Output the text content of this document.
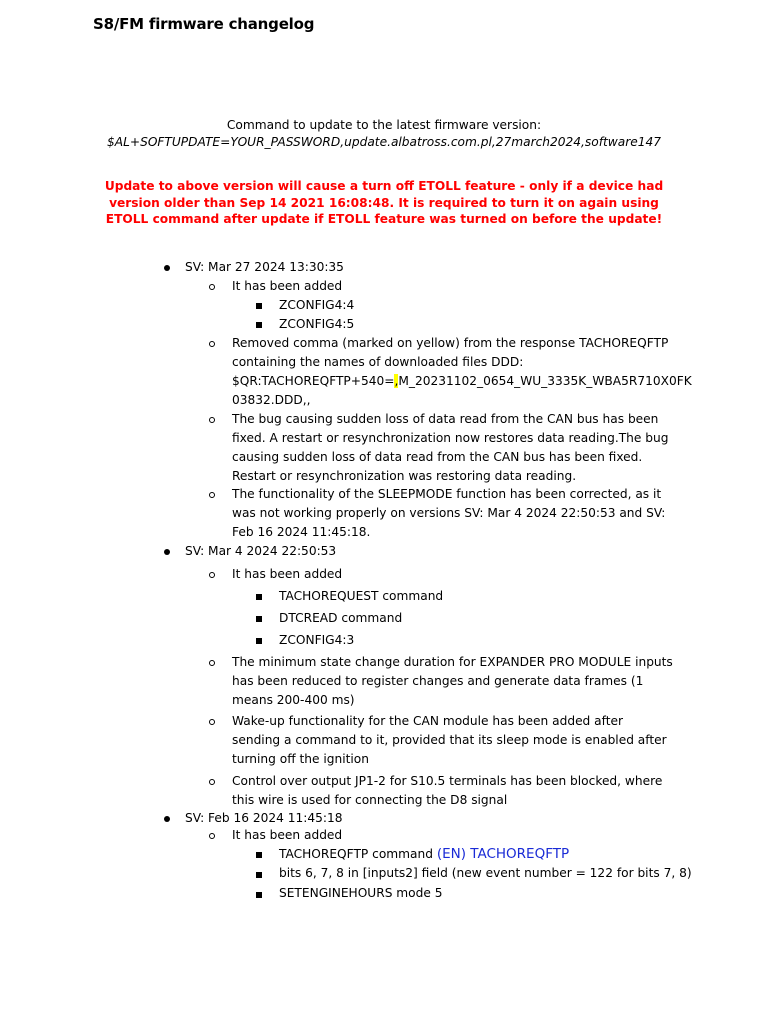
S8/FM firmware changelog
Command to update to the latest firmware version:
$AL+SOFTUPDATE=YOUR_PASSWORD,update.albatross.com.pl,27march2024,software147
Update to above version will cause a turn off ETOLL feature - only if a device had version older than Sep 14 2021 16:08:48. It is required to turn it on again using ETOLL command after update if ETOLL feature was turned on before the update!
SV: Mar 27 2024 13:30:35
It has been added
ZCONFIG4:4
ZCONFIG4:5
Removed comma (marked on yellow) from the response TACHOREQFTP containing the names of downloaded files DDD: $QR:TACHOREQFTP+540=,M_20231102_0654_WU_3335K_WBA5R710X0FK 03832.DDD,,
The bug causing sudden loss of data read from the CAN bus has been fixed. A restart or resynchronization now restores data reading.The bug causing sudden loss of data read from the CAN bus has been fixed. Restart or resynchronization was restoring data reading.
The functionality of the SLEEPMODE function has been corrected, as it was not working properly on versions SV: Mar 4 2024 22:50:53 and SV: Feb 16 2024 11:45:18.
SV: Mar 4 2024 22:50:53
It has been added
TACHOREQUEST command
DTCREAD command
ZCONFIG4:3
The minimum state change duration for EXPANDER PRO MODULE inputs has been reduced to register changes and generate data frames (1 means 200-400 ms)
Wake-up functionality for the CAN module has been added after sending a command to it, provided that its sleep mode is enabled after turning off the ignition
Control over output JP1-2 for S10.5 terminals has been blocked, where this wire is used for connecting the D8 signal
SV: Feb 16 2024 11:45:18
It has been added
TACHOREQFTP command (EN) TACHOREQFTP
bits 6, 7, 8 in [inputs2] field (new event number = 122 for bits 7, 8)
SETENGINEHOURS mode 5
